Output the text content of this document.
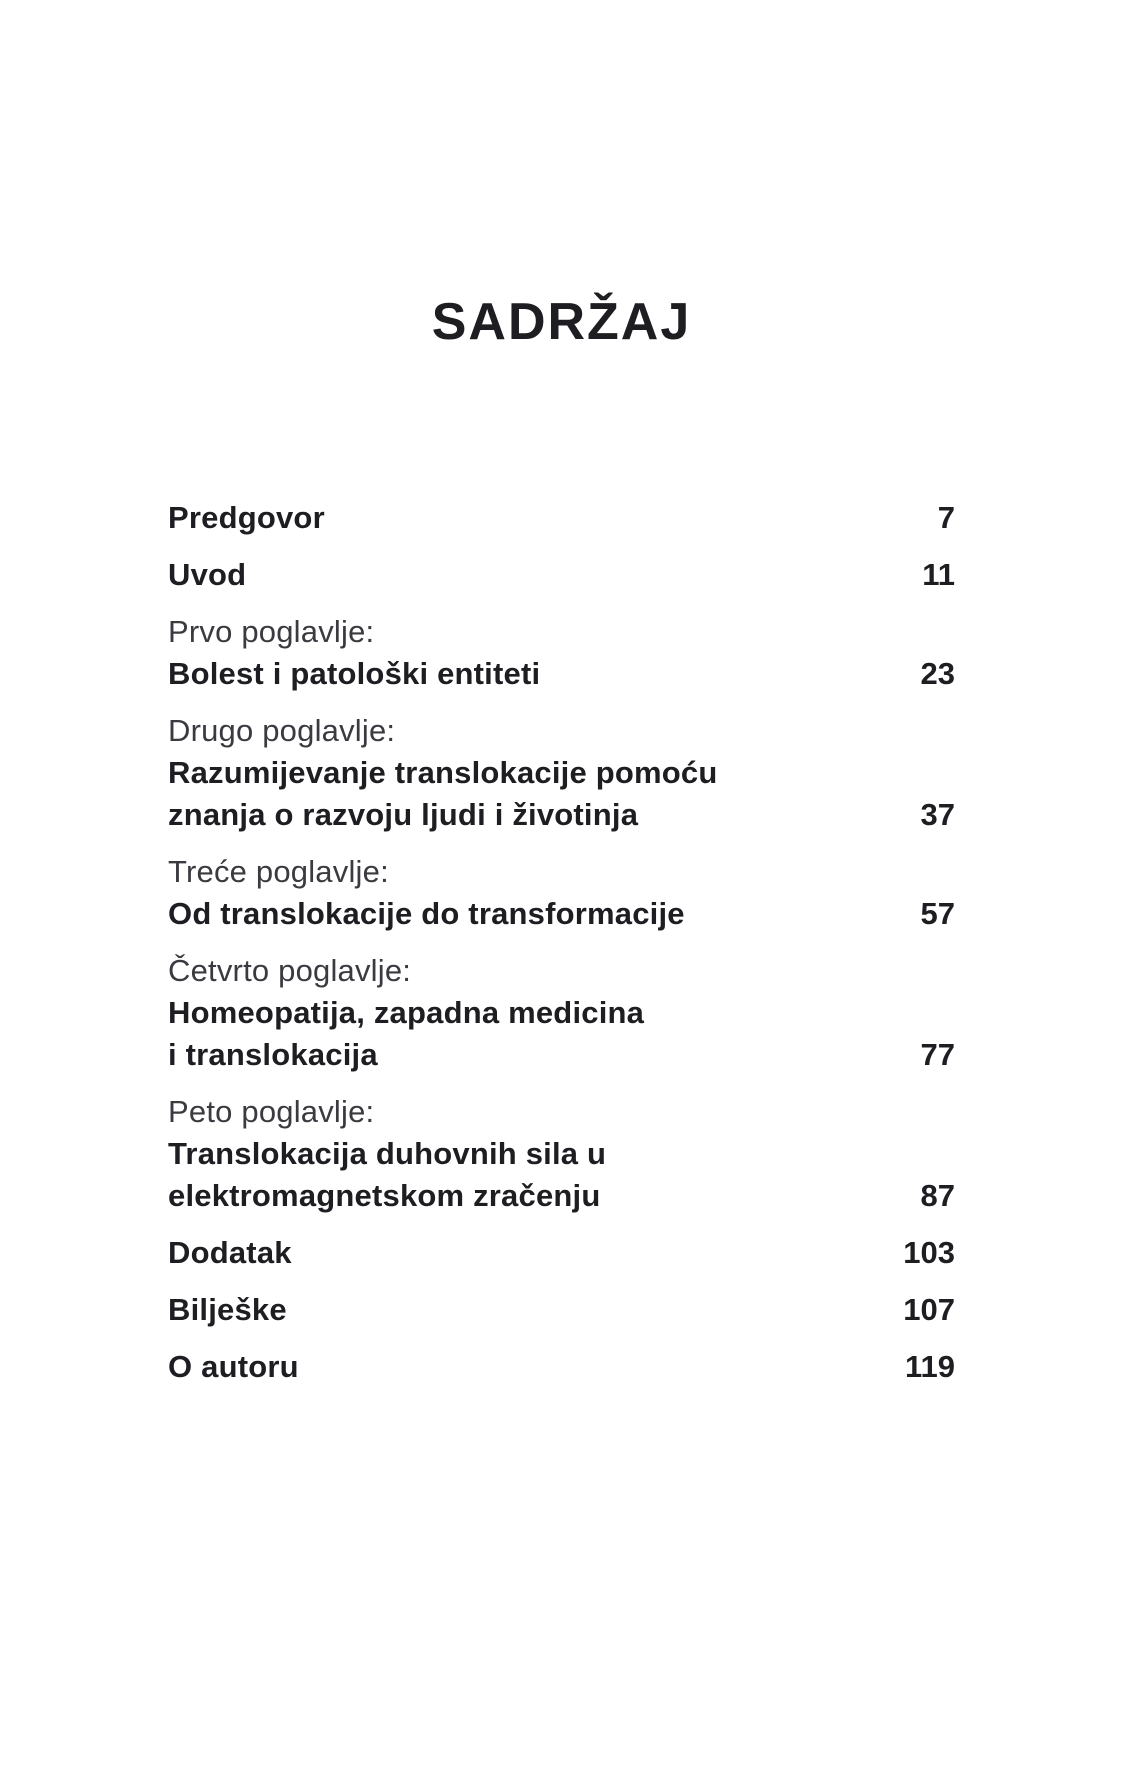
SADRŽAJ
Predgovor	7
Uvod	11
Prvo poglavlje:
Bolest i patološki entiteti	23
Drugo poglavlje:
Razumijevanje translokacije pomoću
znanja o razvoju ljudi i životinja	37
Treće poglavlje:
Od translokacije do transformacije	57
Četvrto poglavlje:
Homeopatija, zapadna medicina
i translokacija	77
Peto poglavlje:
Translokacija duhovnih sila u
elektromagnetskom zračenju	87
Dodatak	103
Bilješke	107
O autoru	119
